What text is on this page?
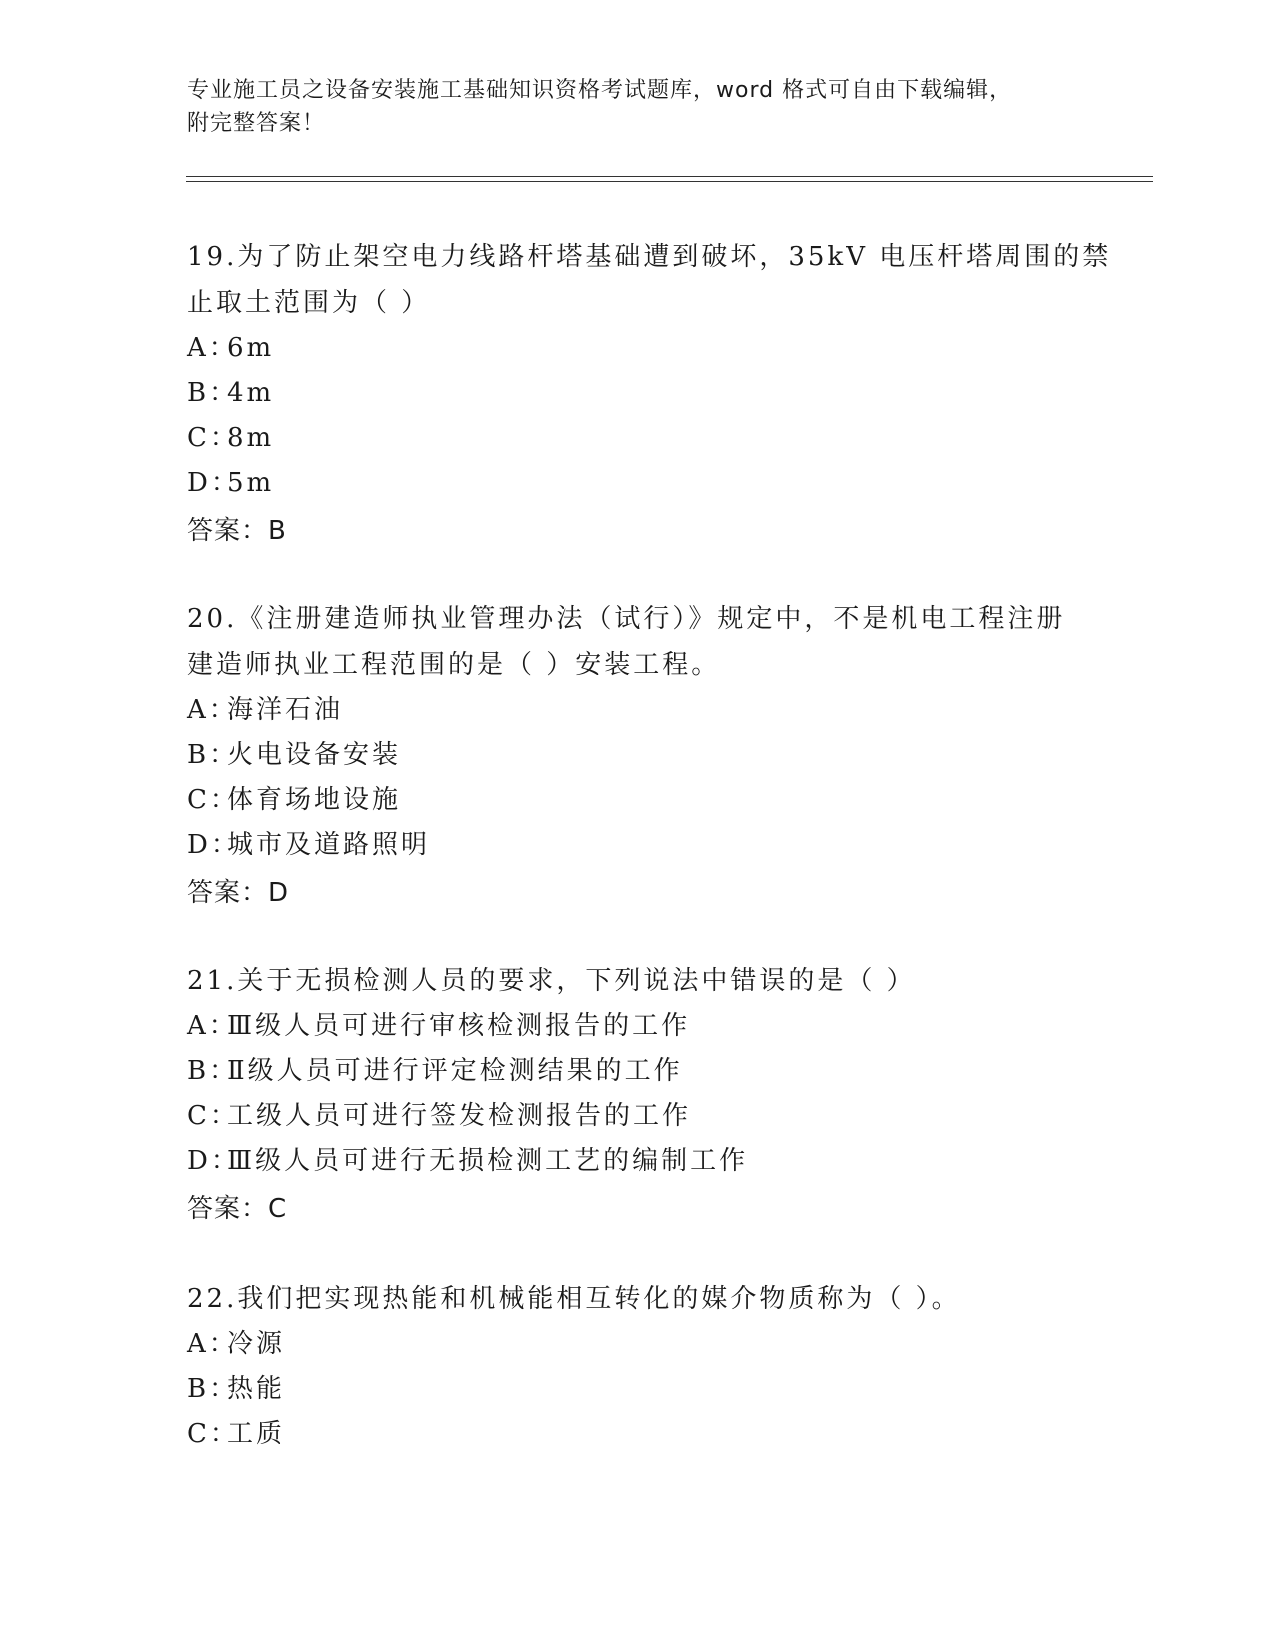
专业施工员之设备安装施工基础知识资格考试题库，word 格式可自由下载编辑，
附完整答案！
19.为了防止架空电力线路杆塔基础遭到破坏，35kV 电压杆塔周围的禁
止取土范围为（ ）
A：6m
B：4m
C：8m
D：5m
答案：B
20.《注册建造师执业管理办法（试行）》规定中，不是机电工程注册
建造师执业工程范围的是（ ）安装工程。
A：海洋石油
B：火电设备安装
C：体育场地设施
D：城市及道路照明
答案：D
21.关于无损检测人员的要求，下列说法中错误的是（ ）
A：Ⅲ级人员可进行审核检测报告的工作
B：Ⅱ级人员可进行评定检测结果的工作
C：工级人员可进行签发检测报告的工作
D：Ⅲ级人员可进行无损检测工艺的编制工作
答案：C
22.我们把实现热能和机械能相互转化的媒介物质称为（ ）。
A：冷源
B：热能
C：工质
